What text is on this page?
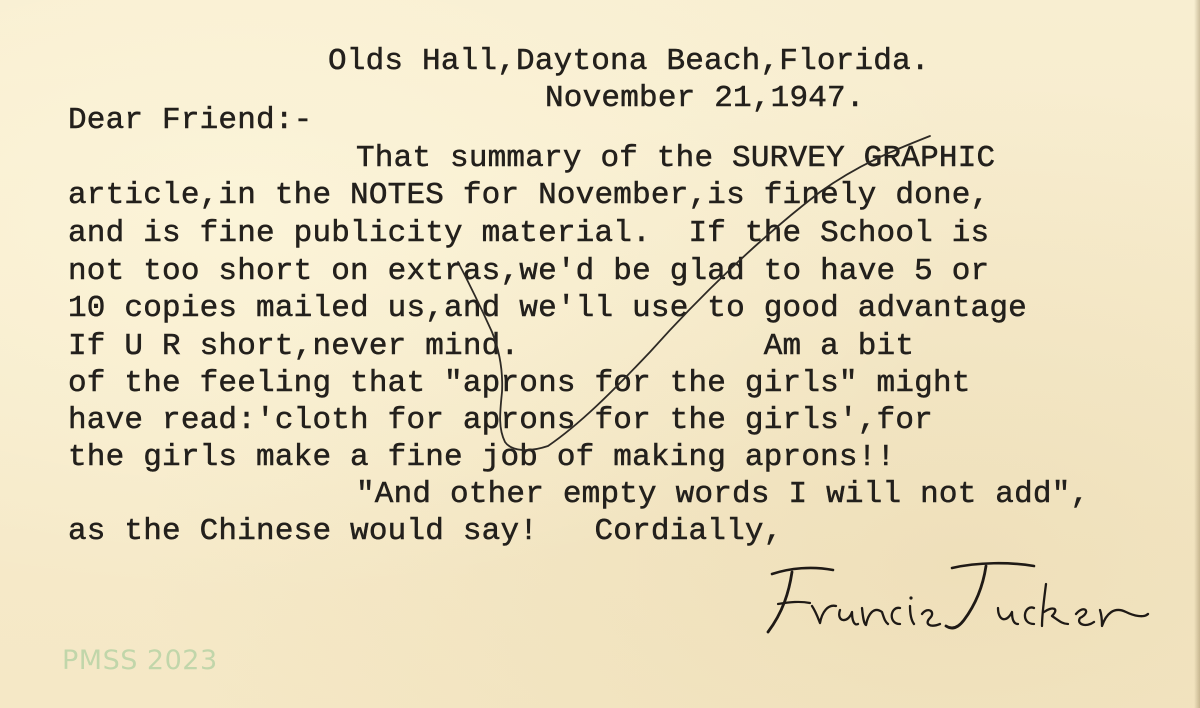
Olds Hall,Daytona Beach,Florida.

November 21,1947.

Dear Friend:-

That summary of the SURVEY GRAPHIC

article,in the NOTES for November,is finely done,

and is fine publicity material.  If the School is

not too short on extras,we'd be glad to have 5 or

10 copies mailed us,and we'll use to good advantage

If U R short,never mind.             Am a bit

of the feeling that "aprons for the girls" might

have read:'cloth for aprons for the girls',for

the girls make a fine job of making aprons!!

"And other empty words I will not add",

as the Chinese would say!   Cordially,

PMSS 2023
